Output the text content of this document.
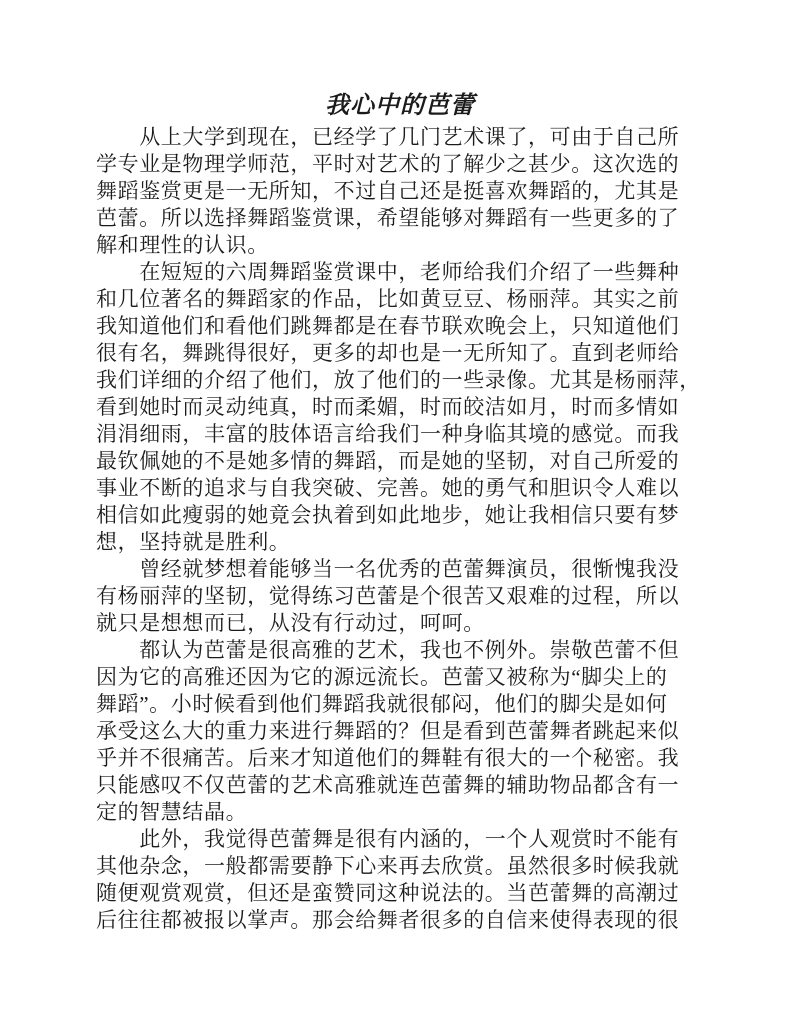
我心中的芭蕾

　　从上大学到现在，已经学了几门艺术课了，可由于自己所
学专业是物理学师范，平时对艺术的了解少之甚少。这次选的
舞蹈鉴赏更是一无所知，不过自己还是挺喜欢舞蹈的，尤其是
芭蕾。所以选择舞蹈鉴赏课，希望能够对舞蹈有一些更多的了
解和理性的认识。

　　在短短的六周舞蹈鉴赏课中，老师给我们介绍了一些舞种
和几位著名的舞蹈家的作品，比如黄豆豆、杨丽萍。其实之前
我知道他们和看他们跳舞都是在春节联欢晚会上，只知道他们
很有名，舞跳得很好，更多的却也是一无所知了。直到老师给
我们详细的介绍了他们，放了他们的一些录像。尤其是杨丽萍，
看到她时而灵动纯真，时而柔媚，时而皎洁如月，时而多情如
涓涓细雨，丰富的肢体语言给我们一种身临其境的感觉。而我
最钦佩她的不是她多情的舞蹈，而是她的坚韧，对自己所爱的
事业不断的追求与自我突破、完善。她的勇气和胆识令人难以
相信如此瘦弱的她竟会执着到如此地步，她让我相信只要有梦
想，坚持就是胜利。

　　曾经就梦想着能够当一名优秀的芭蕾舞演员，很惭愧我没
有杨丽萍的坚韧，觉得练习芭蕾是个很苦又艰难的过程，所以
就只是想想而已，从没有行动过，呵呵。

　　都认为芭蕾是很高雅的艺术，我也不例外。崇敬芭蕾不但
因为它的高雅还因为它的源远流长。芭蕾又被称为“脚尖上的
舞蹈”。小时候看到他们舞蹈我就很郁闷，他们的脚尖是如何
承受这么大的重力来进行舞蹈的？但是看到芭蕾舞者跳起来似
乎并不很痛苦。后来才知道他们的舞鞋有很大的一个秘密。我
只能感叹不仅芭蕾的艺术高雅就连芭蕾舞的辅助物品都含有一
定的智慧结晶。

　　此外，我觉得芭蕾舞是很有内涵的，一个人观赏时不能有
其他杂念，一般都需要静下心来再去欣赏。虽然很多时候我就
随便观赏观赏，但还是蛮赞同这种说法的。当芭蕾舞的高潮过
后往往都被报以掌声。那会给舞者很多的自信来使得表现的很
